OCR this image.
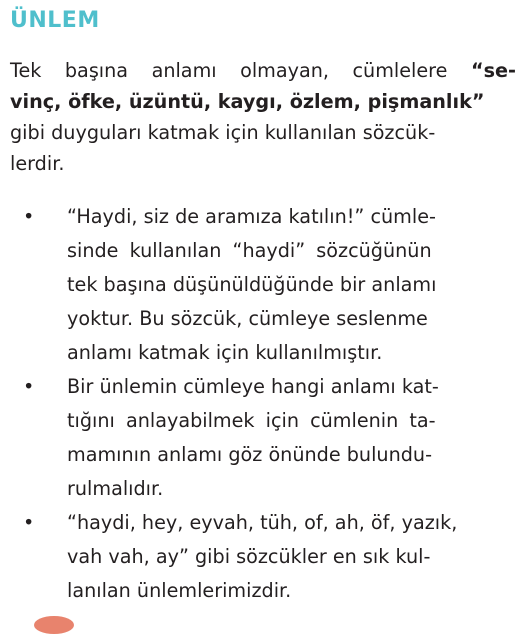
ÜNLEM
Tek başına anlamı olmayan, cümlelere “se-
vinç, öfke, üzüntü, kaygı, özlem, pişmanlık”
gibi duyguları katmak için kullanılan sözcük-
lerdir.
• “Haydi, siz de aramıza katılın!” cümle-
sinde kullanılan “haydi” sözcüğünün
tek başına düşünüldüğünde bir anlamı
yoktur. Bu sözcük, cümleye seslenme
anlamı katmak için kullanılmıştır.
• Bir ünlemin cümleye hangi anlamı kat-
tığını anlayabilmek için cümlenin ta-
mamının anlamı göz önünde bulundu-
rulmalıdır.
• “haydi, hey, eyvah, tüh, of, ah, öf, yazık,
vah vah, ay” gibi sözcükler en sık kul-
lanılan ünlemlerimizdir.
